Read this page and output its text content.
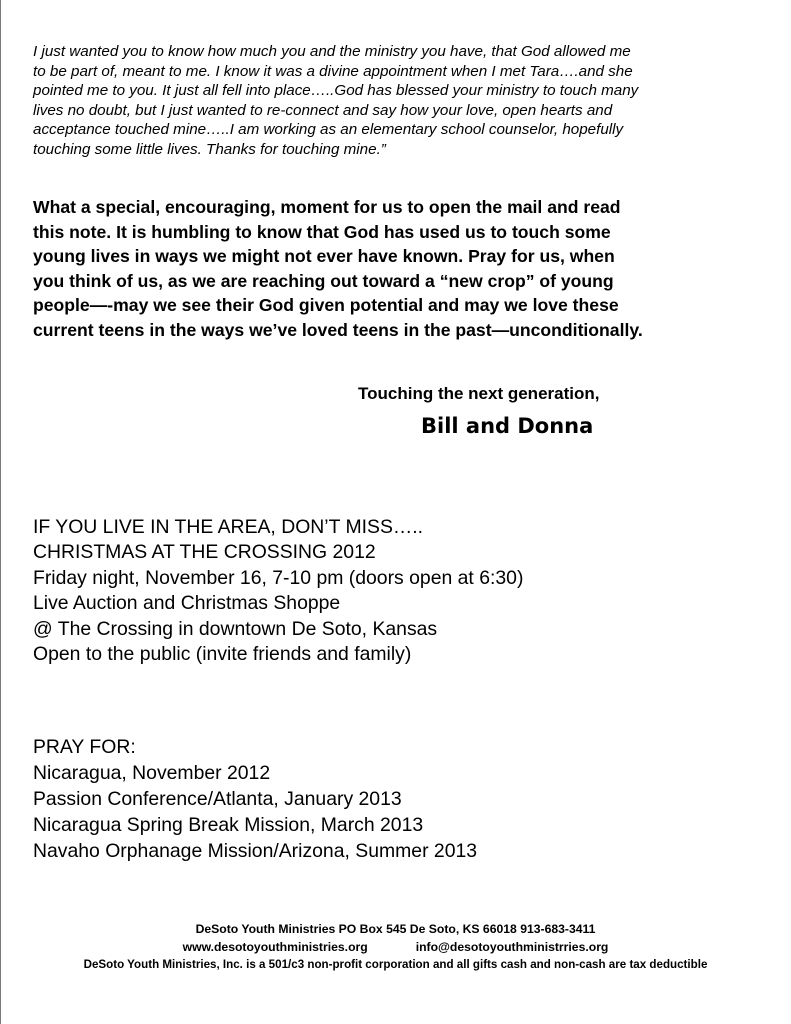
I just wanted you to know how much you and the ministry you have, that God allowed me
to be part of, meant to me. I know it was a divine appointment when I met Tara….and she
pointed me to you. It just all fell into place…..God has blessed your ministry to touch many
lives no doubt, but I just wanted to re-connect and say how your love, open hearts and
acceptance touched mine…..I am working as an elementary school counselor, hopefully
touching some little lives. Thanks for touching mine.”
What a special, encouraging, moment for us to open the mail and read
this note. It is humbling to know that God has used us to touch some
young lives in ways we might not ever have known. Pray for us, when
you think of us, as we are reaching out toward a “new crop” of young
people—-may we see their God given potential and may we love these
current teens in the ways we’ve loved teens in the past—unconditionally.
Touching the next generation,
Bill and Donna
IF YOU LIVE IN THE AREA, DON’T MISS…..
CHRISTMAS AT THE CROSSING 2012
Friday night, November 16, 7-10 pm (doors open at 6:30)
Live Auction and Christmas Shoppe
@ The Crossing in downtown De Soto, Kansas
Open to the public (invite friends and family)
PRAY FOR:
Nicaragua, November 2012
Passion Conference/Atlanta, January 2013
Nicaragua Spring Break Mission, March 2013
Navaho Orphanage Mission/Arizona, Summer 2013
DeSoto Youth Ministries PO Box 545 De Soto, KS 66018 913-683-3411
www.desotoyouthministries.org	info@desotoyouthministrries.org
DeSoto Youth Ministries, Inc. is a 501/c3 non-profit corporation and all gifts cash and non-cash are tax deductible
